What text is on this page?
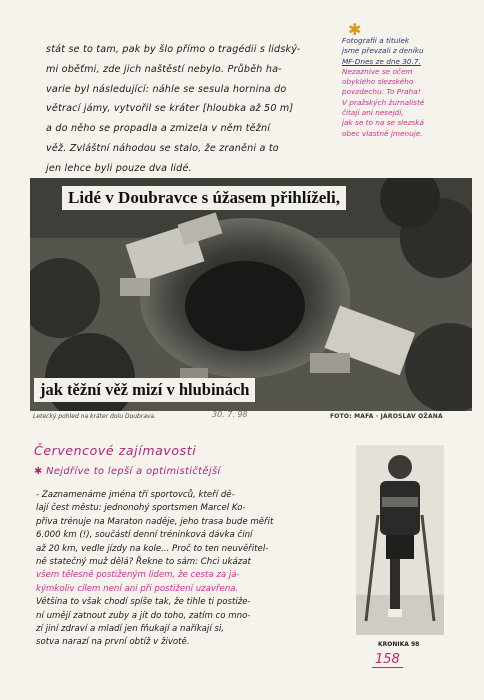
stát se to tam, pak by šlo přímo o tragédii s lidský-
mi oběťmi, zde jich naštěstí nebylo. Průběh ha-
varie byl následující: náhle se sesula hornina do
větrací jámy, vytvořil se kráter [hloubka až 50 m]
a do něho se propadla a zmizela v něm těžní
věž. Zvláštní náhodou se stalo, že zraněni a to
jen lehce byli pouze dva lidé.
✱
Fotografii a titulek
jsme převzali z deníku
MF-Dnes ze dne 30.7.
Nezaznive se očem
obyklého slezského
povzdechu: To Praha!
V pražských žurnalisté
čitají ani nesejdí,
jak se to na se slezská
obec vlastně jmenuje.
Lidé v Doubravce s úžasem přihlíželi,
jak těžní věž mizí v hlubinách
Letecký pohled na kráter dolu Doubrava.	30. 7. 98	FOTO: MAFA · JAROSLAV OŽANA
Červencové zajímavosti
✱ Nejdříve to lepší a optimističtější
- Zaznamenáme jména tří sportovců, kteří dě-
lají čest městu: jednonohý sportsmen Marcel Ko-
přiva trénuje na Maraton naděje, jeho trasa bude měřit
6.000 km (!), součástí denní tréninková dávka činí
až 20 km, vedle jízdy na kole... Proč to ten neuvěřitel-
ně statečný muž dělá? Řekne to sám: Chci ukázat
všem tělesně postiženým lidem, že cesta za já-
kýmkoliv cílem není ani při postižení uzavřena.
Většina to však chodí spíše tak, že tihle ti postiže-
ní umějí zatnout zuby a jít do toho, zatím co mno-
zí jiní zdraví a mladí jen fňukají a naříkají si,
sotva narazí na první obtíž v životě.	KRONIKA 98
158
